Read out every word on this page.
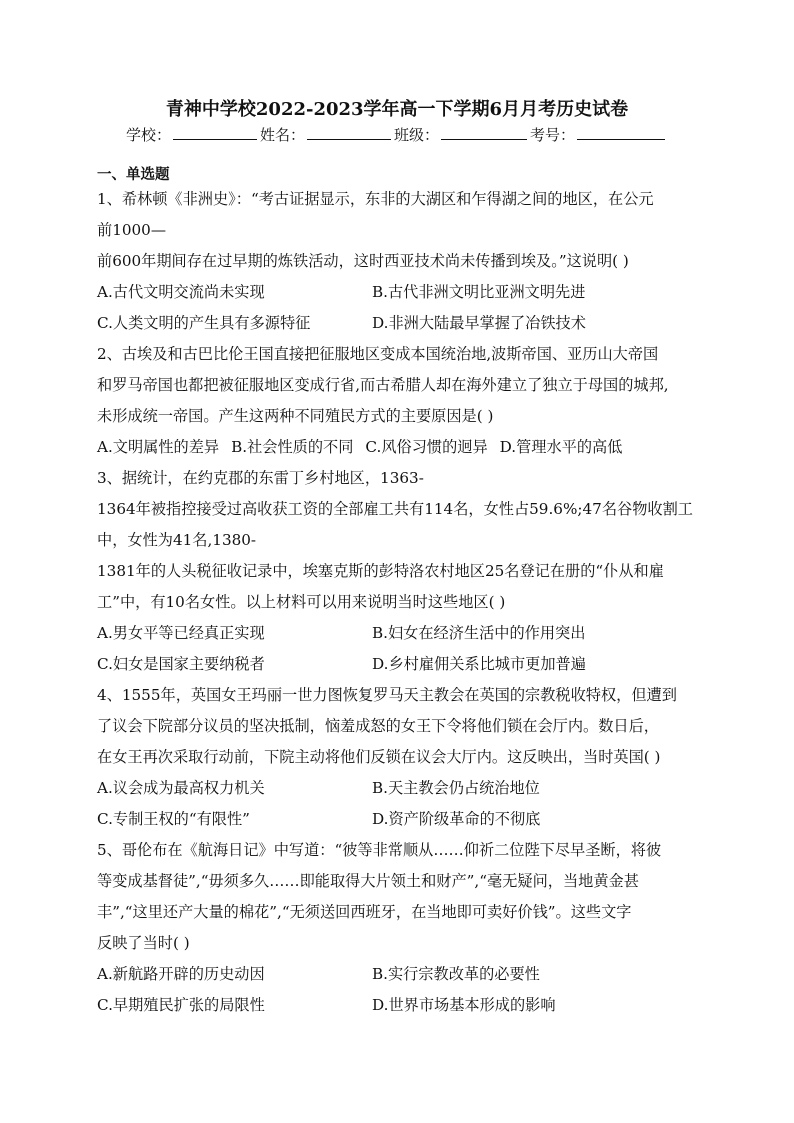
青神中学校2022-2023学年高一下学期6月月考历史试卷
学校：	姓名：	班级：	考号：
一、单选题

1、希林顿《非洲史》：“考古证据显示，东非的大湖区和乍得湖之间的地区，在公元

前1000—

前600年期间存在过早期的炼铁活动，这时西亚技术尚未传播到埃及。”这说明( )

A.古代文明交流尚未实现	B.古代非洲文明比亚洲文明先进
C.人类文明的产生具有多源特征	D.非洲大陆最早掌握了冶铁技术

2、古埃及和古巴比伦王国直接把征服地区变成本国统治地,波斯帝国、亚历山大帝国

和罗马帝国也都把被征服地区变成行省,而古希腊人却在海外建立了独立于母国的城邦,

未形成统一帝国。产生这两种不同殖民方式的主要原因是( )

A.文明属性的差异 B.社会性质的不同 C.风俗习惯的迥异 D.管理水平的高低

3、据统计，在约克郡的东雷丁乡村地区，1363-

1364年被指控接受过高收获工资的全部雇工共有114名，女性占59.6%;47名谷物收割工

中，女性为41名,1380-

1381年的人头税征收记录中，埃塞克斯的彭特洛农村地区25名登记在册的“仆从和雇

工”中，有10名女性。以上材料可以用来说明当时这些地区( )

A.男女平等已经真正实现	B.妇女在经济生活中的作用突出
C.妇女是国家主要纳税者	D.乡村雇佣关系比城市更加普遍

4、1555年，英国女王玛丽一世力图恢复罗马天主教会在英国的宗教税收特权，但遭到

了议会下院部分议员的坚决抵制，恼羞成怒的女王下令将他们锁在会厅内。数日后，

在女王再次采取行动前，下院主动将他们反锁在议会大厅内。这反映出，当时英国( )

A.议会成为最高权力机关	B.天主教会仍占统治地位
C.专制王权的“有限性”	D.资产阶级革命的不彻底

5、哥伦布在《航海日记》中写道：“彼等非常顺从……仰祈二位陛下尽早圣断，将彼

等变成基督徒”,“毋须多久……即能取得大片领土和财产”,“毫无疑问，当地黄金甚

丰”,“这里还产大量的棉花”,“无须送回西班牙，在当地即可卖好价钱”。这些文字

反映了当时( )

A.新航路开辟的历史动因	B.实行宗教改革的必要性
C.早期殖民扩张的局限性	D.世界市场基本形成的影响
